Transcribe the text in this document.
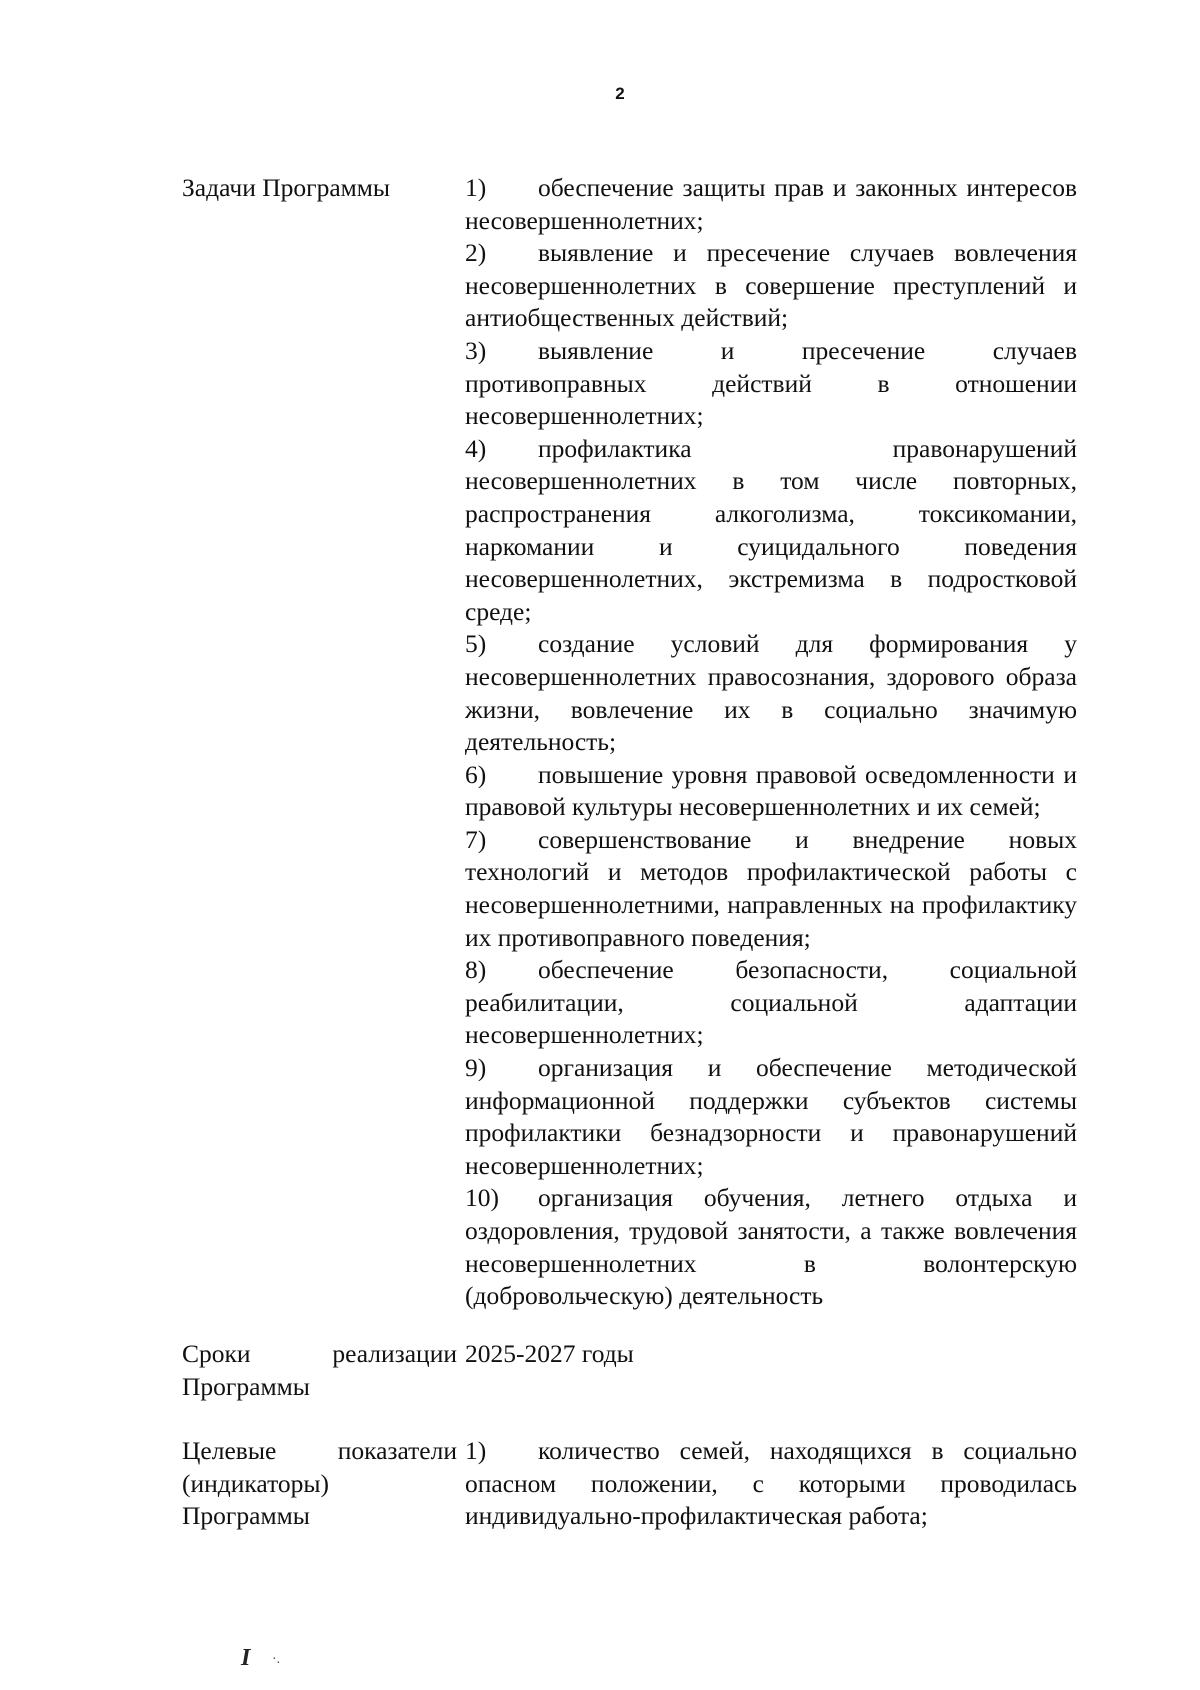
2
Задачи Программы	1) обеспечение защиты прав и законных интересов несовершеннолетних;
2) выявление и пресечение случаев вовлечения несовершеннолетних в совершение преступлений и антиобщественных действий;
3) выявление и пресечение случаев противоправных действий в отношении несовершеннолетних;
4) профилактика правонарушений несовершеннолетних в том числе повторных, распространения алкоголизма, токсикомании, наркомании и суицидального поведения несовершеннолетних, экстремизма в подростковой среде;
5) создание условий для формирования у несовершеннолетних правосознания, здорового образа жизни, вовлечение их в социально значимую деятельность;
6) повышение уровня правовой осведомленности и правовой культуры несовершеннолетних и их семей;
7) совершенствование и внедрение новых технологий и методов профилактической работы с несовершеннолетними, направленных на профилактику их противоправного поведения;
8) обеспечение безопасности, социальной реабилитации, социальной адаптации несовершеннолетних;
9) организация и обеспечение методической информационной поддержки субъектов системы профилактики безнадзорности и правонарушений несовершеннолетних;
10) организация обучения, летнего отдыха и оздоровления, трудовой занятости, а также вовлечения несовершеннолетних в волонтерскую (добровольческую) деятельность
Сроки реализации Программы
2025-2027 годы
Целевые показатели (индикаторы) Программы
1) количество семей, находящихся в социально опасном положении, с которыми проводилась индивидуально-профилактическая работа;
I ·.
